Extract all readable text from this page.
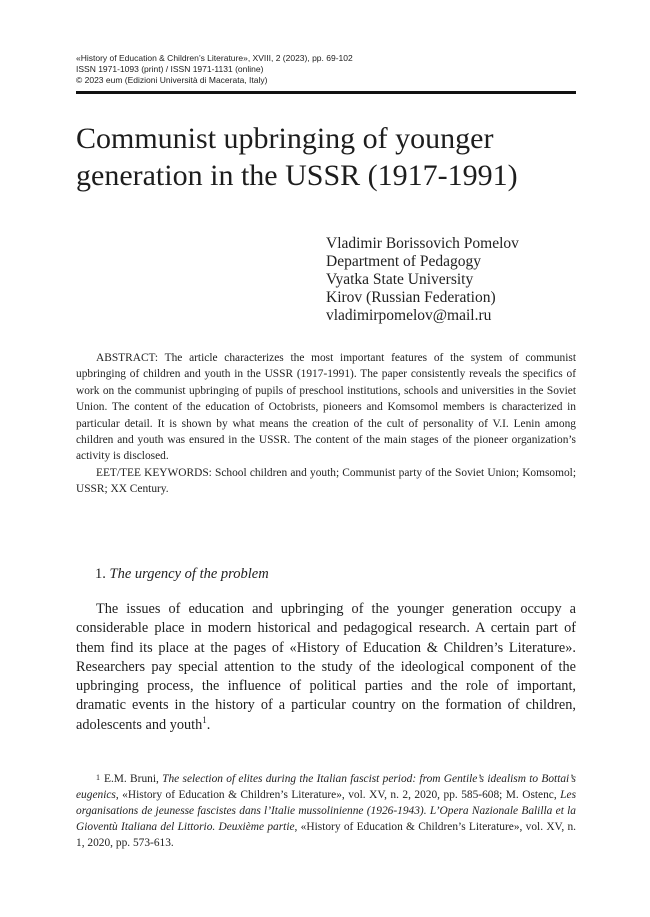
«History of Education & Children’s Literature», XVIII, 2 (2023), pp. 69-102
ISSN 1971-1093 (print) / ISSN 1971-1131 (online)
© 2023 eum (Edizioni Università di Macerata, Italy)
Communist upbringing of younger
generation in the USSR (1917-1991)
Vladimir Borissovich Pomelov
Department of Pedagogy
Vyatka State University
Kirov (Russian Federation)
vladimirpomelov@mail.ru

ABSTRACT: The article characterizes the most important features of the system of communist upbringing of children and youth in the USSR (1917-1991). The paper consistently reveals the specifics of work on the communist upbringing of pupils of preschool institutions, schools and universities in the Soviet Union. The content of the education of Octobrists, pioneers and Komsomol members is characterized in particular detail. It is shown by what means the creation of the cult of personality of V.I. Lenin among children and youth was ensured in the USSR. The content of the main stages of the pioneer organization’s activity is disclosed.

EET/TEE KEYWORDS: School children and youth; Communist party of the Soviet Union; Komsomol; USSR; XX Century.

1. The urgency of the problem

The issues of education and upbringing of the younger generation occupy a considerable place in modern historical and pedagogical research. A certain part of them find its place at the pages of «History of Education & Children’s Literature». Researchers pay special attention to the study of the ideological component of the upbringing process, the influence of political parties and the role of important, dramatic events in the history of a particular country on the formation of children, adolescents and youth$^1$.

1 E.M. Bruni, The selection of elites during the Italian fascist period: from Gentile’s idealism to Bottai’s eugenics, «History of Education & Children’s Literature», vol. XV, n. 2, 2020, pp. 585-608; M. Ostenc, Les organisations de jeunesse fascistes dans l’Italie mussolinienne (1926-1943). L’Opera Nazionale Balilla et la Gioventù Italiana del Littorio. Deuxième partie, «History of Education & Children’s Literature», vol. XV, n. 1, 2020, pp. 573-613.
